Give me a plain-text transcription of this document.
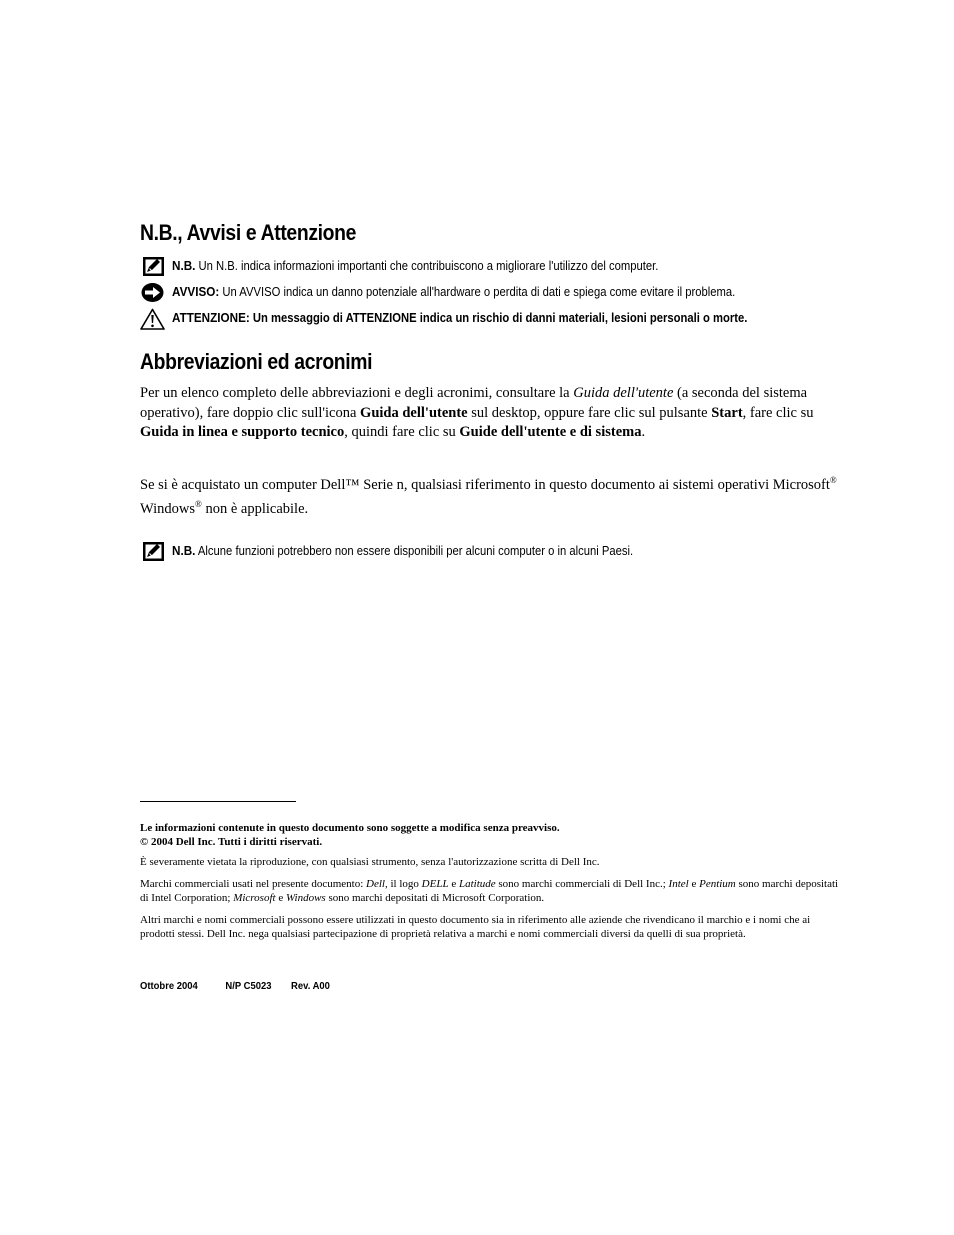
N.B., Avvisi e Attenzione
N.B. Un N.B. indica informazioni importanti che contribuiscono a migliorare l'utilizzo del computer.
AVVISO: Un AVVISO indica un danno potenziale all'hardware o perdita di dati e spiega come evitare il problema.
ATTENZIONE: Un messaggio di ATTENZIONE indica un rischio di danni materiali, lesioni personali o morte.
Abbreviazioni ed acronimi
Per un elenco completo delle abbreviazioni e degli acronimi, consultare la Guida dell'utente (a seconda del sistema operativo), fare doppio clic sull'icona Guida dell'utente sul desktop, oppure fare clic sul pulsante Start, fare clic su Guida in linea e supporto tecnico, quindi fare clic su Guide dell'utente e di sistema.
Se si è acquistato un computer Dell™ Serie n, qualsiasi riferimento in questo documento ai sistemi operativi Microsoft® Windows® non è applicabile.
N.B. Alcune funzioni potrebbero non essere disponibili per alcuni computer o in alcuni Paesi.
Le informazioni contenute in questo documento sono soggette a modifica senza preavviso.
© 2004 Dell Inc. Tutti i diritti riservati.
È severamente vietata la riproduzione, con qualsiasi strumento, senza l'autorizzazione scritta di Dell Inc.
Marchi commerciali usati nel presente documento: Dell, il logo DELL e Latitude sono marchi commerciali di Dell Inc.; Intel e Pentium sono marchi depositati di Intel Corporation; Microsoft e Windows sono marchi depositati di Microsoft Corporation.
Altri marchi e nomi commerciali possono essere utilizzati in questo documento sia in riferimento alle aziende che rivendicano il marchio e i nomi che ai prodotti stessi. Dell Inc. nega qualsiasi partecipazione di proprietà relativa a marchi e nomi commerciali diversi da quelli di sua proprietà.
Ottobre 2004	N/P C5023 Rev. A00
